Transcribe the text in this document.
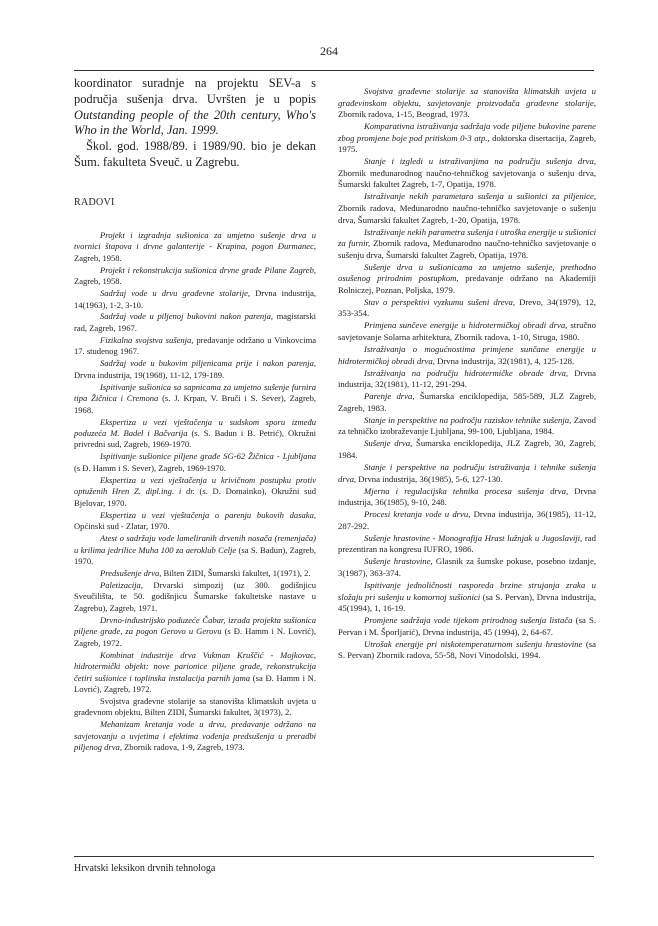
264

koordinator suradnje na projektu SEV-a s područja sušenja drva. Uvršten je u popis Outstanding people of the 20th century, Who's Who in the World, Jan. 1999.

Škol. god. 1988/89. i 1989/90. bio je dekan Šum. fakulteta Sveuč. u Zagrebu.

RADOVI

Projekt i izgradnja sušionica za umjetno sušenje drva u tvornici štapova i drvne galanterije - Krapina, pogon Đurmanec, Zagreb, 1958.

Projekt i rekonstrukcija sušionica drvne građe Pilane Zagreb, Zagreb, 1958.

Sadržaj vode u drvu građevne stolarije, Drvna industrija, 14(1963), 1-2, 3-10.

Sadržaj vode u piljenoj bukovini nakon parenja, magistarski rad, Zagreb, 1967.

Fizikalna svojstva sušenja, predavanje održano u Vinkovcima 17. studenog 1967.

Sadržaj vode u bukovim piljenicama prije i nakon parenja, Drvna industrija, 19(1968), 11-12, 179-189.

Ispitivanje sušionica sa sapnicama za umjetno sušenje furnira tipa Žičnica i Cremona (s. J. Krpan, V. Bruči i S. Sever), Zagreb, 1968.

Ekspertiza u vezi vještačenja u sudskom sporu između poduzeća M. Badel i Bačvarija (s. S. Badun i B. Petrić), Okružni privredni sud, Zagreb, 1969-1970.

Ispitivanje sušionice piljene građe SG-62 Žičnica - Ljubljana (s Đ. Hamm i S. Sever), Zagreb, 1969-1970.

Ekspertiza u vezi vještačenja u krivičnom postupku protiv optuženih Hren Z. dipl.ing. i dr. (s. D. Domainko), Okružni sud Bjelovar, 1970.

Ekspertiza u vezi vještačenja o parenju bukovih dasaka, Općinski sud - Zlatar, 1970.

Atest o sadržaju vode lameliranih drvenih nosača (remenjača) u krilima jedrilice Muha 100 za aeroklub Celje (sa S. Badun), Zagreb, 1970.

Predsušenje drva, Bilten ZIDI, Šumarski fakultet, 1(1971), 2.

Paletizacija, Drvarski simpozij (uz 300. godišnjicu Sveučilišta, te 50. godišnjicu Šumarske fakultetske nastave u Zagrebu), Zagreb, 1971.

Drvno-industrijsko poduzeće Čabar, izrada projekta sušionica piljene građe, za pogon Gerovo u Gerovu (s Đ. Hamm i N. Lovrić), Zagreb, 1972.

Kombinat industrije drva Vukman Kruščić - Mojkovac, hidrotermički objekt: nove parionice piljene građe, rekonstrukcija četiri sušionice i toplinska instalacija parnih jama (sa Đ. Hamm i N. Lovrić), Zagreb, 1972.

Svojstva građevne stolarije sa stanovišta klimatskih uvjeta u građevnom objektu, Bilten ZIDI, Šumarski fakultet, 3(1973), 2.

Mehanizam kretanja vode u drvu, predavanje održano na savjetovanju o uvjetima i efektima vođenja predsušenja u preradbi piljenog drva, Zbornik radova, 1-9, Zagreb, 1973.

Svojstva građevne stolarije sa stanovišta klimatskih uvjeta u građevinskom objektu, savjetovanje proizvođača građevne stolarije, Zbornik radova, 1-15, Beograd, 1973.

Komparativna istraživanja sadržaja vode piljene bukovine parene zbog promjene boje pod pritiskom 0-3 atp., doktorska disertacija, Zagreb, 1975.

Stanje i izgledi u istraživanjima na području sušenja drva, Zbornik međunarodnog naučno-tehničkog savjetovanja o sušenju drva, Šumarski fakultet Zagreb, 1-7, Opatija, 1978.

Istraživanje nekih parametara sušenja u sušionici za piljenice, Zbornik radova, Međunarodno naučno-tehničko savjetovanje o sušenju drva, Šumarski fakultet Zagreb, 1-20, Opatija, 1978.

Istraživanje nekih parametra sušenja i utroška energije u sušionici za furnir, Zbornik radova, Međunarodno naučno-tehničko savjetovanje o sušenju drva, Šumarski fakultet Zagreb, Opatija, 1978.

Sušenje drva u sušionicama za umjetno sušenje, prethodno osušenog prirodnim postupkom, predavanje održano na Akademiji Rolniczej, Poznan, Poljska, 1979.

Stav o perspektivi vyzkumu sušeni dreva, Drevo, 34(1979), 12, 353-354.

Primjena sunčeve energije u hidrotermičkoj obradi drva, stručno savjetovanje Solarna arhitektura, Zbornik radova, 1-10, Struga, 1980.

Istraživanja o mogućnostima primjene sunčane energije u hidrotermičkoj obradi drva, Drvna industrija, 32(1981), 4, 125-128.

Istraživanja na području hidrotermičke obrade drva, Drvna industrija, 32(1981), 11-12, 291-294.

Parenje drva, Šumarska enciklopedija, 585-589, JLZ Zagreb, Zagreb, 1983.

Stanje in perspektive na področju raziskov tehnike sušenja, Zavod za tehničko izobraževanje Ljubljana, 99-100, Ljubljana, 1984.

Sušenje drva, Šumarska enciklopedija, JLZ Zagreb, 30, Zagreb, 1984.

Stanje i perspektive na području istraživanja i tehnike sušenja drva, Drvna industrija, 36(1985), 5-6, 127-130.

Mjerna i regulacijska tehnika procesa sušenja drva, Drvna industrija, 36(1985), 9-10, 248.

Procesi kretanja vode u drvu, Drvna industrija, 36(1985), 11-12, 287-292.

Sušenje hrastovine - Monografija Hrast lužnjak u Jugoslaviji, rad prezentiran na kongresu IUFRO, 1986.

Sušenje hrastovine, Glasnik za šumske pokuse, posebno izdanje, 3(1987), 363-374.

Ispitivanje jednoličnosti rasporeda brzine strujanja zraka u složaju pri sušenju u komornoj sušionici (sa S. Pervan), Drvna industrija, 45(1994), 1, 16-19.

Promjene sadržaja vode tijekom prirodnog sušenja listača (sa S. Pervan i M. Šporljarić), Drvna industrija, 45 (1994), 2, 64-67.

Utrošak energije pri niskotemperaturnom sušenju hrastovine (sa S. Pervan) Zbornik radova, 55-58, Novi Vinodolski, 1994.

Hrvatski leksikon drvnih tehnologa
